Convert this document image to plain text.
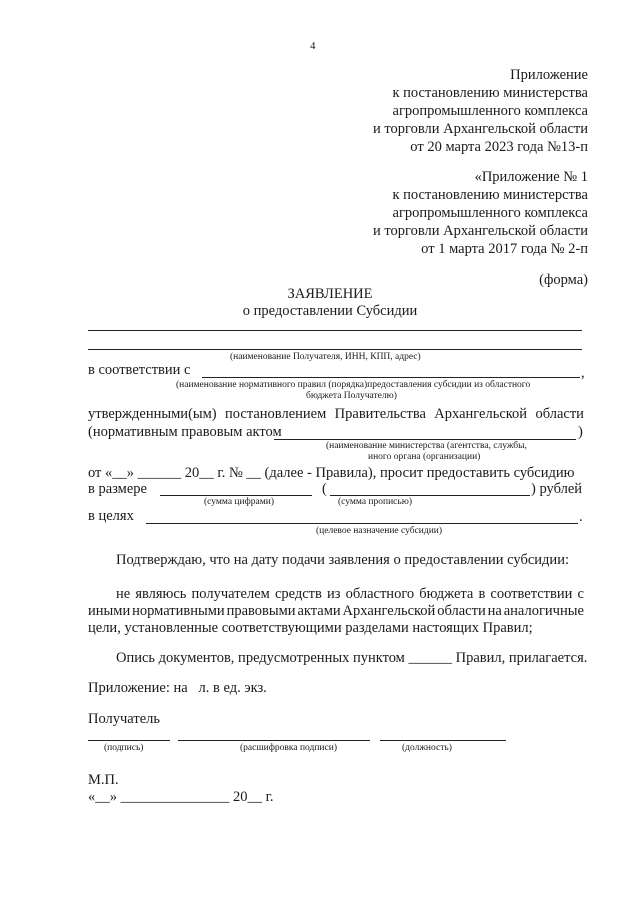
4
Приложение
к постановлению министерства
агропромышленного комплекса
и торговли Архангельской области
от 20 марта 2023 года №13-п
«Приложение № 1
к постановлению министерства
агропромышленного комплекса
и торговли Архангельской области
от 1 марта 2017 года № 2-п
(форма)
ЗАЯВЛЕНИЕ
о предоставлении Субсидии
(наименование Получателя, ИНН, КПП, адрес)
в соответствии с	,
(наименование нормативного правил (порядка)предоставления субсидии из областного
бюджета Получателю)
утвержденными(ым) постановлением Правительства Архангельской области
(нормативным правовым актом	)
(наименование министерства (агентства, службы,
иного органа (организации)
от «__» ______ 20__ г. № __ (далее - Правила), просит предоставить субсидию
в размере	(	) рублей
(сумма цифрами)	(сумма прописью)
в целях	.
(целевое назначение субсидии)
Подтверждаю, что на дату подачи заявления о предоставлении субсидии:
не являюсь получателем средств из областного бюджета в соответствии с
иными нормативными правовыми актами Архангельской области на аналогичные
цели, установленные соответствующими разделами настоящих Правил;
Опись документов, предусмотренных пунктом ______ Правил, прилагается.
Приложение: на   л. в ед. экз.
Получатель
(подпись)	(расшифровка подписи)	(должность)
М.П.
«__» _______________ 20__ г.
